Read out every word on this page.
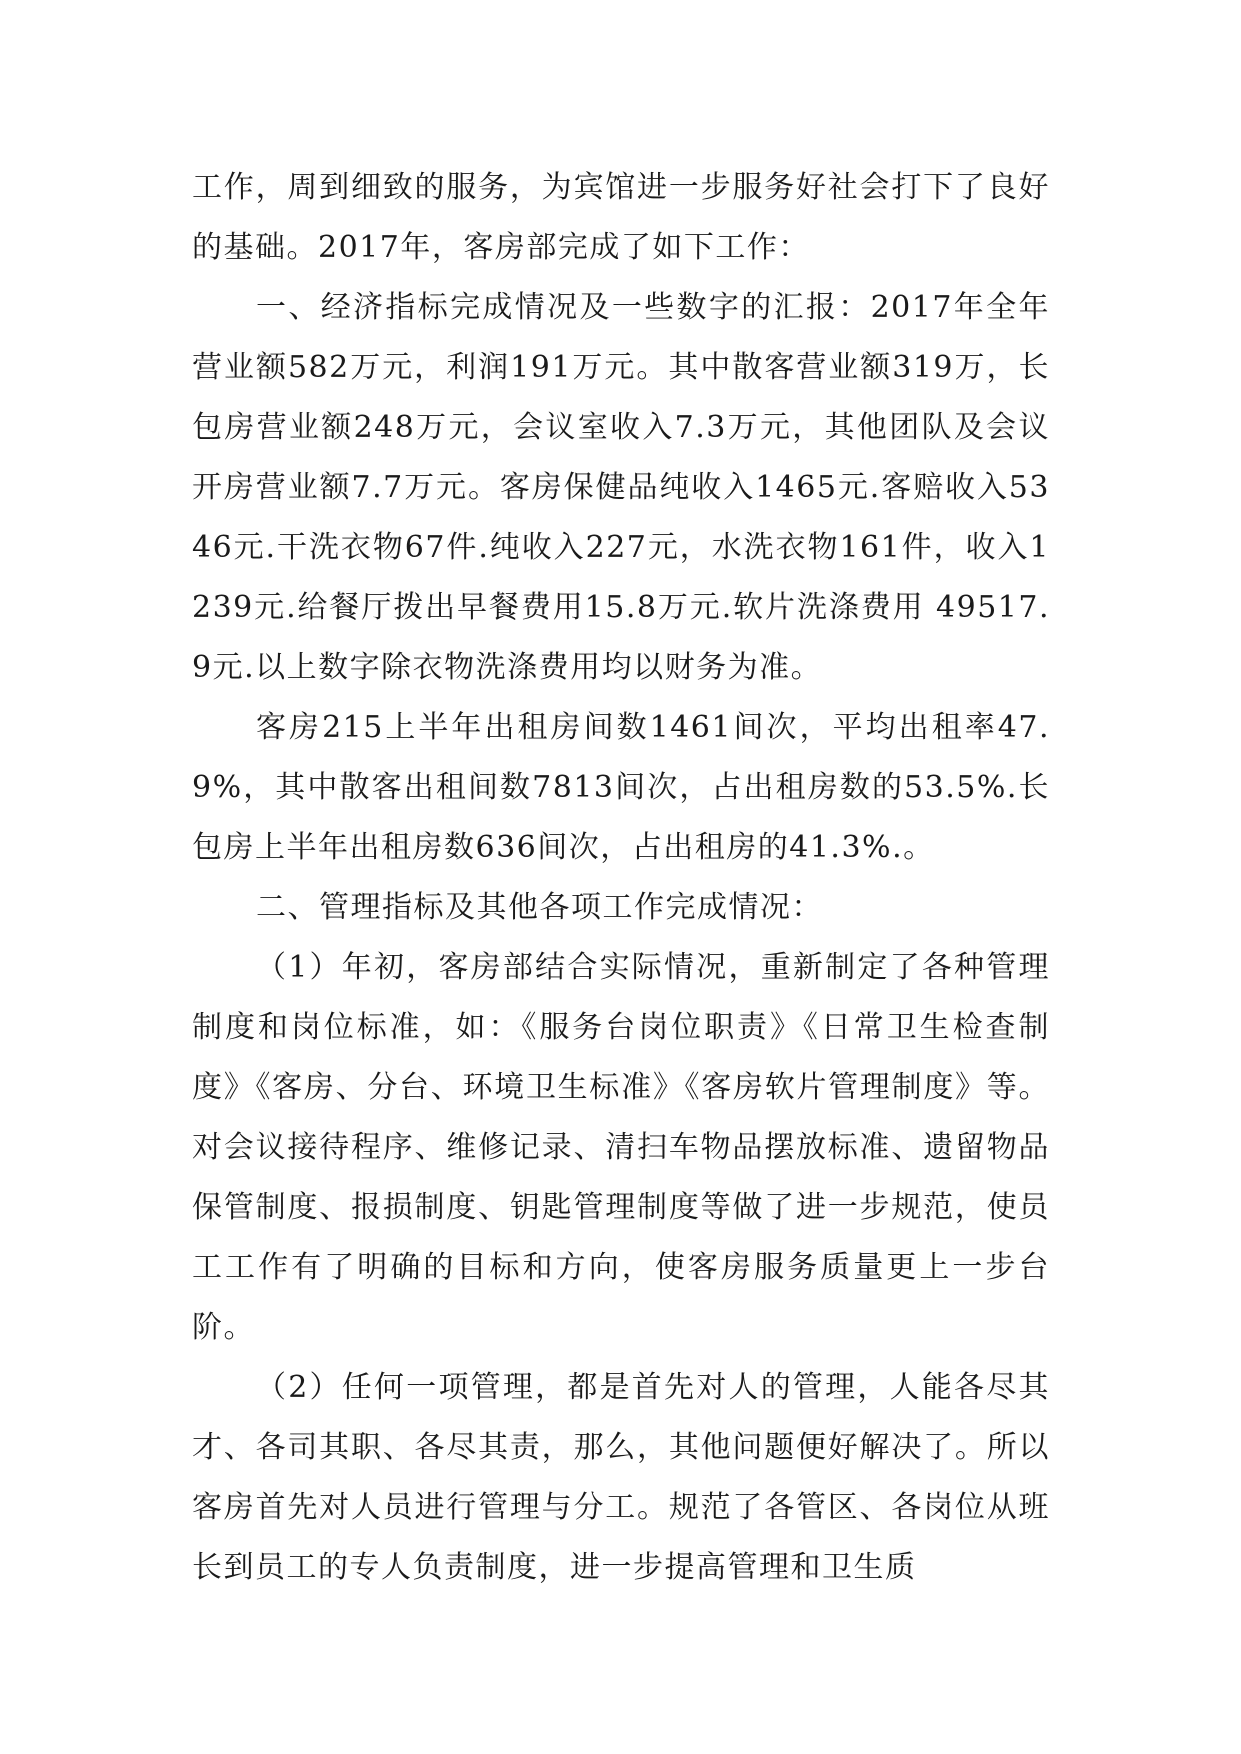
工作，周到细致的服务，为宾馆进一步服务好社会打下了良好的基础。2017年，客房部完成了如下工作：

一、经济指标完成情况及一些数字的汇报：2017年全年营业额582万元，利润191万元。其中散客营业额319万，长包房营业额248万元，会议室收入7.3万元，其他团队及会议开房营业额7.7万元。客房保健品纯收入1465元.客赔收入5346元.干洗衣物67件.纯收入227元，水洗衣物161件，收入1239元.给餐厅拨出早餐费用15.8万元.软片洗涤费用 49517.9元.以上数字除衣物洗涤费用均以财务为准。

客房215上半年出租房间数1461间次，平均出租率47.9%，其中散客出租间数7813间次，占出租房数的53.5%.长包房上半年出租房数636间次，占出租房的41.3%.。

二、管理指标及其他各项工作完成情况：

（1）年初，客房部结合实际情况，重新制定了各种管理制度和岗位标准，如：《服务台岗位职责》《日常卫生检查制度》《客房、分台、环境卫生标准》《客房软片管理制度》等。对会议接待程序、维修记录、清扫车物品摆放标准、遗留物品保管制度、报损制度、钥匙管理制度等做了进一步规范，使员工工作有了明确的目标和方向，使客房服务质量更上一步台阶。

（2）任何一项管理，都是首先对人的管理，人能各尽其才、各司其职、各尽其责，那么，其他问题便好解决了。所以客房首先对人员进行管理与分工。规范了各管区、各岗位从班长到员工的专人负责制度，进一步提高管理和卫生质
